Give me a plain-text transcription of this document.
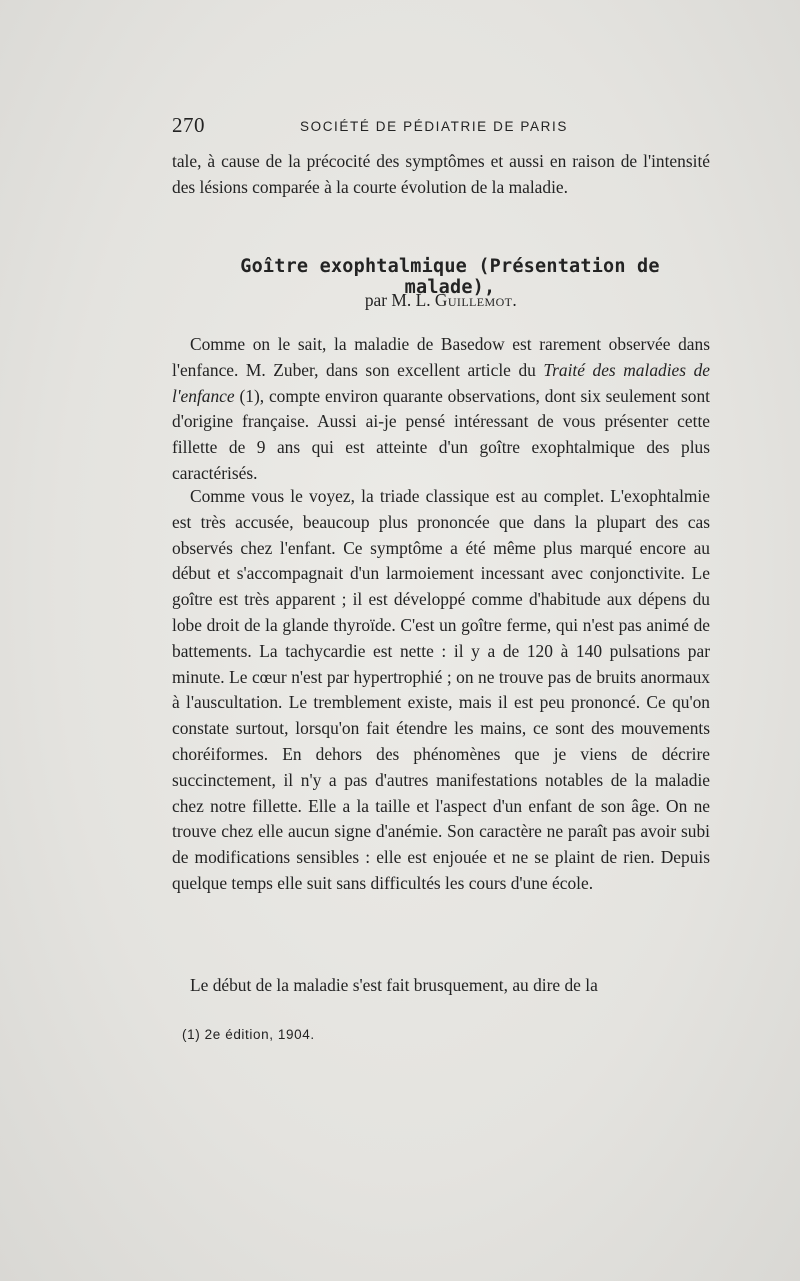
270	SOCIÉTÉ DE PÉDIATRIE DE PARIS

tale, à cause de la précocité des symptômes et aussi en raison de l'intensité des lésions comparée à la courte évolution de la maladie.

Goître exophtalmique (Présentation de malade),
par M. L. Guillemot.

Comme on le sait, la maladie de Basedow est rarement observée dans l'enfance. M. Zuber, dans son excellent article du Traité des maladies de l'enfance (1), compte environ quarante observations, dont six seulement sont d'origine française. Aussi ai-je pensé intéressant de vous présenter cette fillette de 9 ans qui est atteinte d'un goître exophtalmique des plus caractérisés.

Comme vous le voyez, la triade classique est au complet. L'exophtalmie est très accusée, beaucoup plus prononcée que dans la plupart des cas observés chez l'enfant. Ce symptôme a été même plus marqué encore au début et s'accompagnait d'un larmoiement incessant avec conjonctivite. Le goître est très apparent ; il est développé comme d'habitude aux dépens du lobe droit de la glande thyroïde. C'est un goître ferme, qui n'est pas animé de battements. La tachycardie est nette : il y a de 120 à 140 pulsations par minute. Le cœur n'est par hypertrophié ; on ne trouve pas de bruits anormaux à l'auscultation. Le tremblement existe, mais il est peu prononcé. Ce qu'on constate surtout, lorsqu'on fait étendre les mains, ce sont des mouvements choréiformes. En dehors des phénomènes que je viens de décrire succinctement, il n'y a pas d'autres manifestations notables de la maladie chez notre fillette. Elle a la taille et l'aspect d'un enfant de son âge. On ne trouve chez elle aucun signe d'anémie. Son caractère ne paraît pas avoir subi de modifications sensibles : elle est enjouée et ne se plaint de rien. Depuis quelque temps elle suit sans difficultés les cours d'une école.

Le début de la maladie s'est fait brusquement, au dire de la

(1) 2e édition, 1904.
